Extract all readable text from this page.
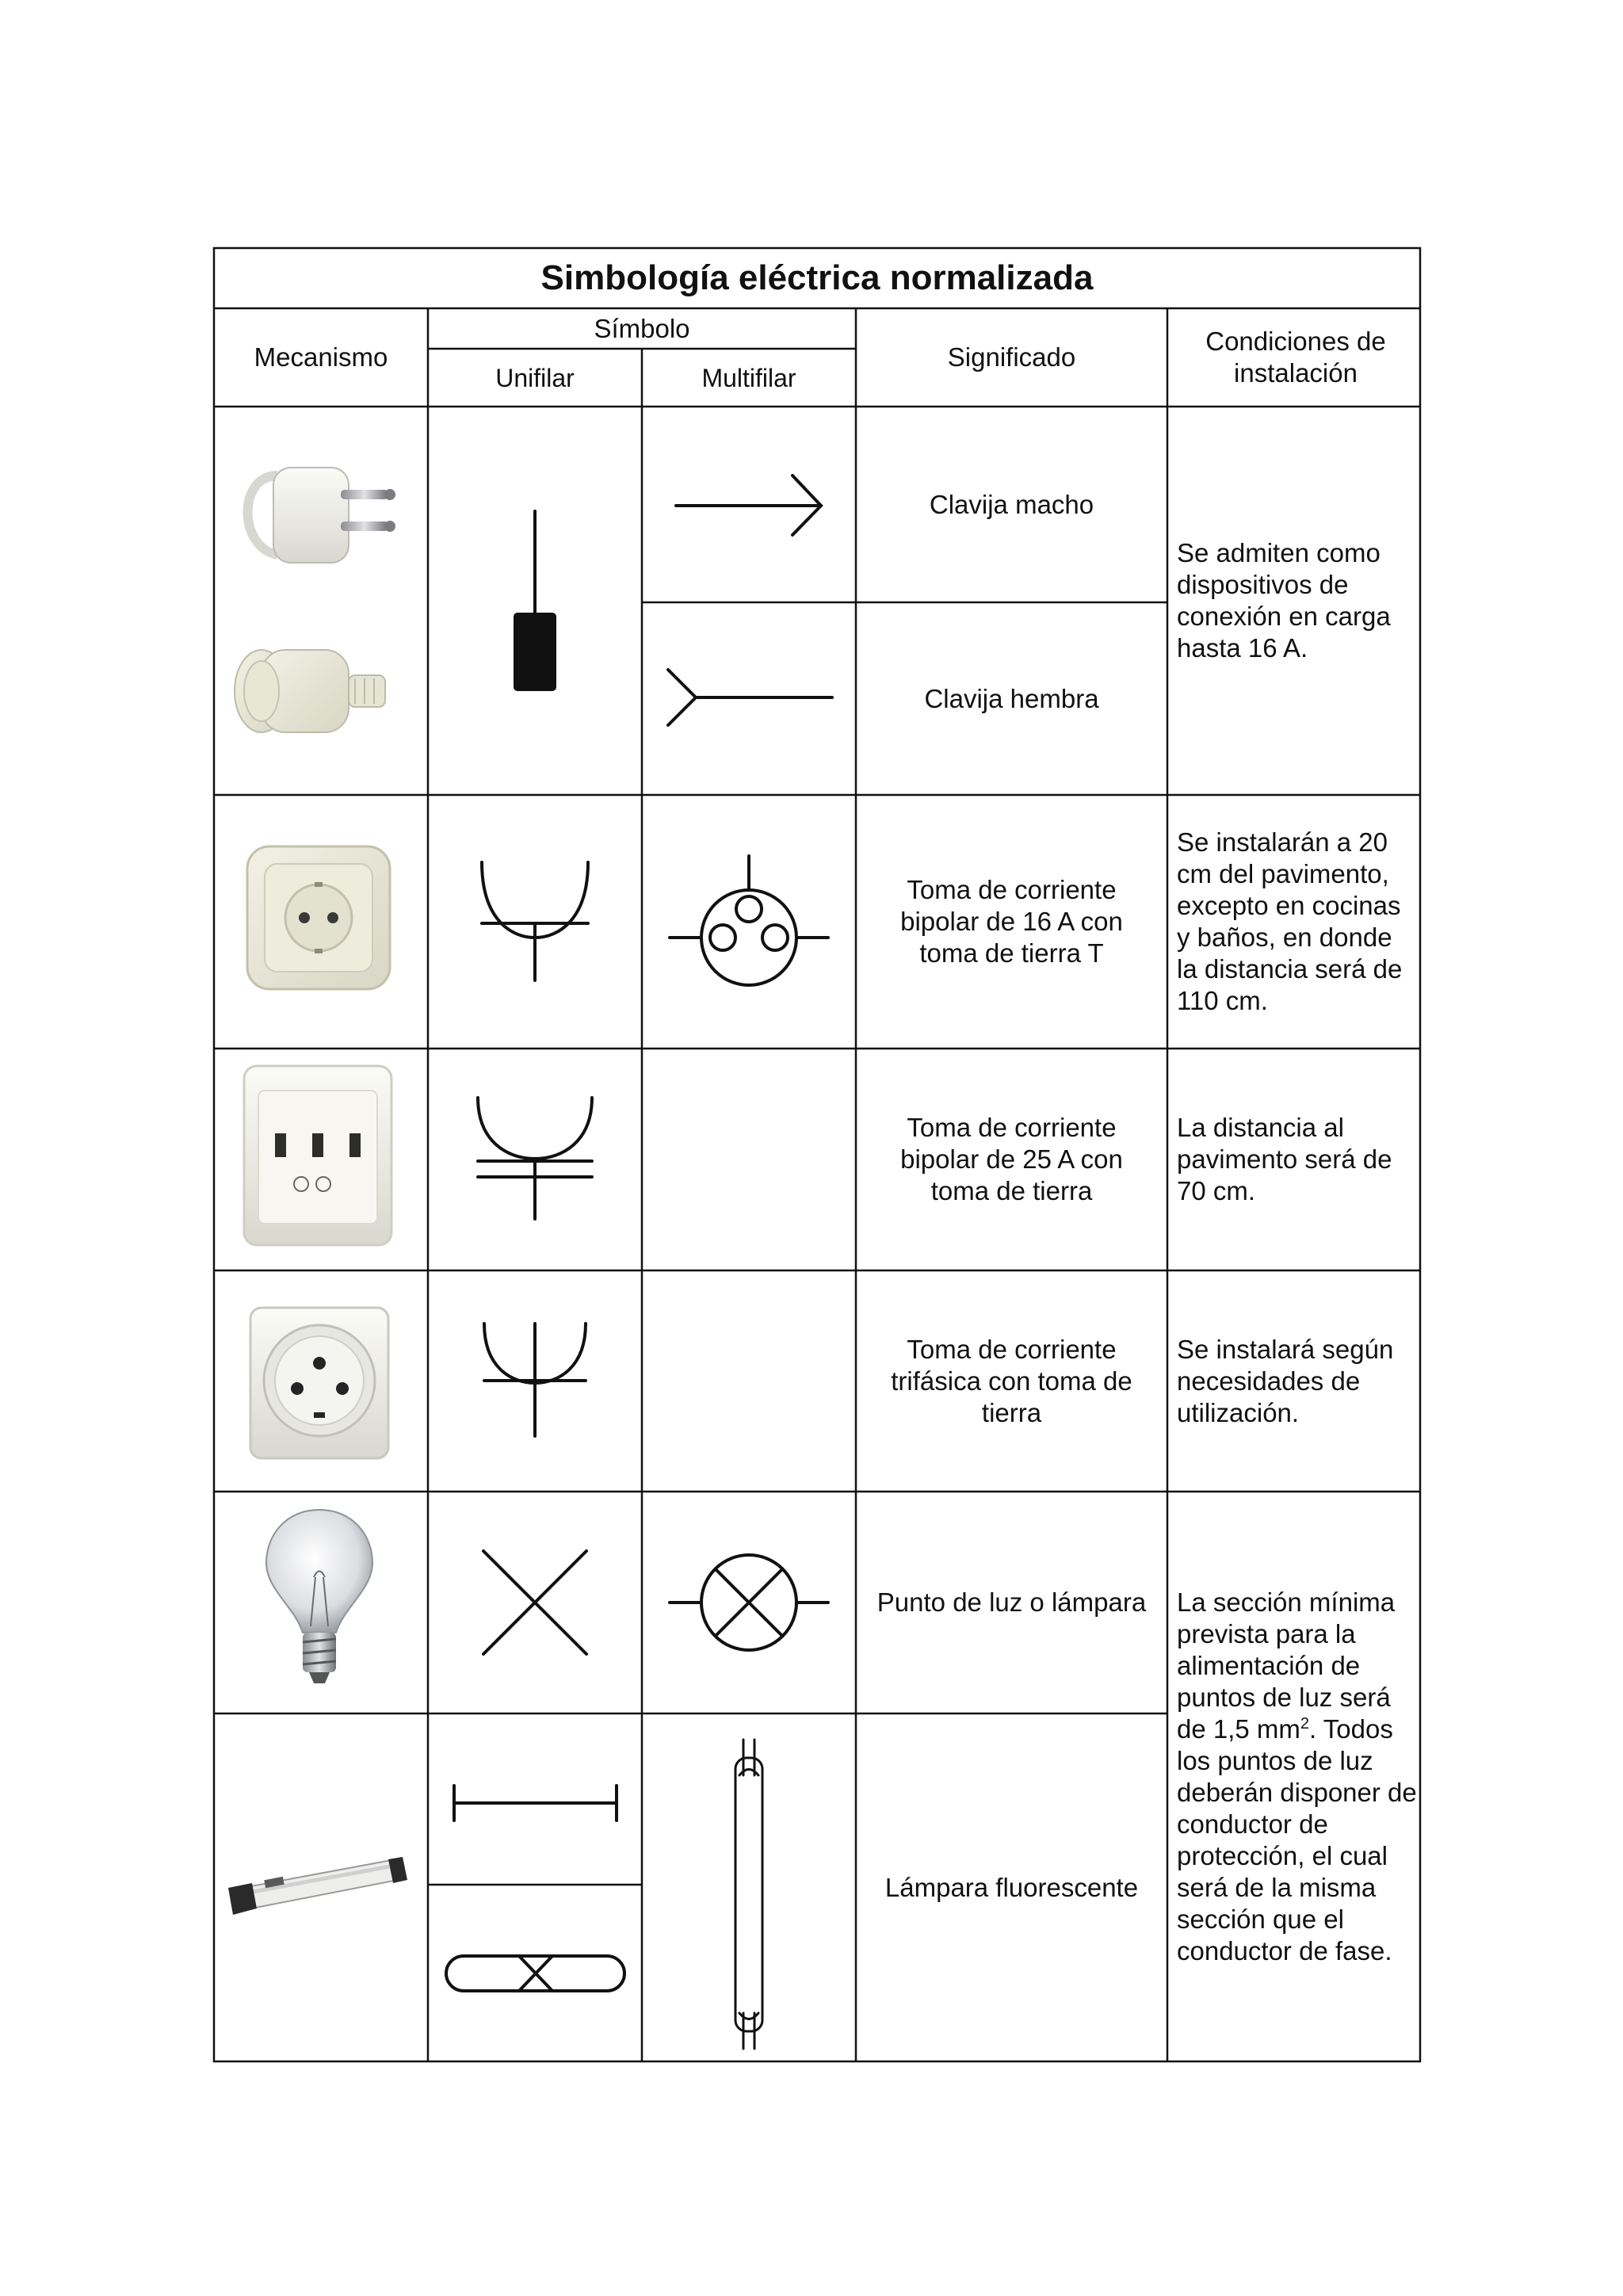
Simbología eléctrica normalizada
Mecanismo
Símbolo
Unifilar	Multifilar
Significado
Condiciones de instalación
Clavija macho
Clavija hembra
Toma de corriente bipolar de 16 A con toma de tierra T
Toma de corriente bipolar de 25 A con toma de tierra
Toma de corriente trifásica con toma de tierra
Punto de luz o lámpara
Lámpara fluorescente
Se admiten como dispositivos de conexión en carga hasta 16 A.
Se instalarán a 20 cm del pavimento, excepto en cocinas y baños, en donde la distancia será de 110 cm.
La distancia al pavimento será de 70 cm.
Se instalará según necesidades de utilización.
La sección mínima prevista para la alimentación de puntos de luz será de 1,5 $mm^2$. Todos los puntos de luz deberán disponer de conductor de protección, el cual será de la misma sección que el conductor de fase.
